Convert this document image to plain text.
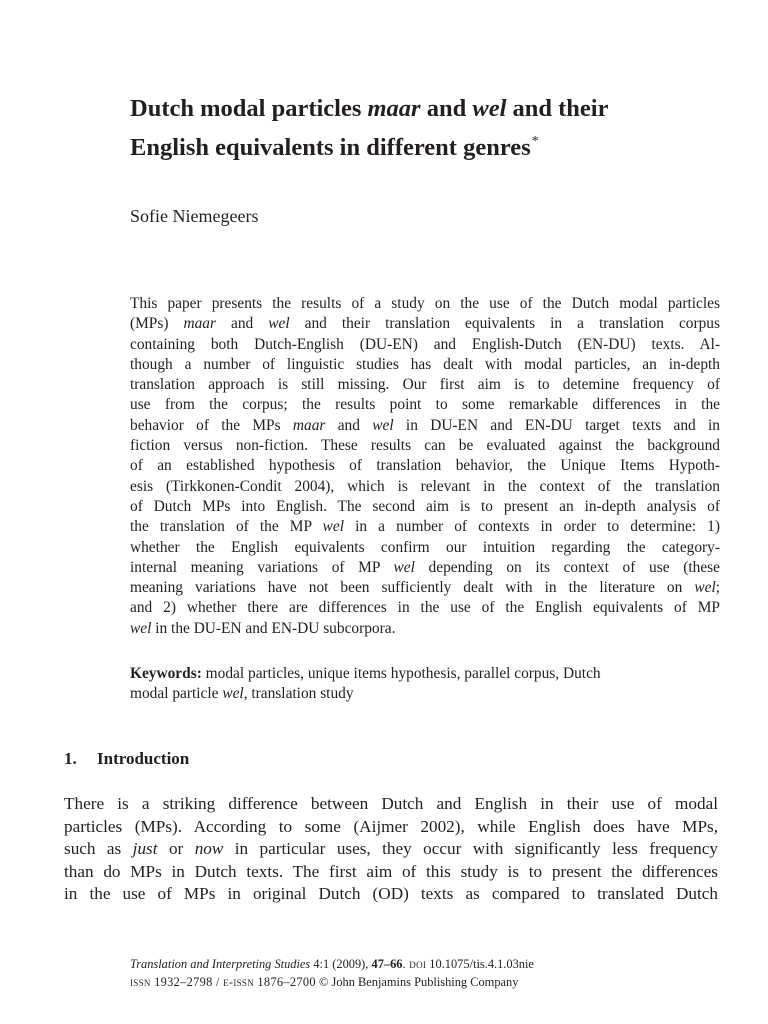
Dutch modal particles maar and wel and their
English equivalents in different genres*

Sofie Niemegeers

This paper presents the results of a study on the use of the Dutch modal particles
(MPs) maar and wel and their translation equivalents in a translation corpus
containing both Dutch-English (DU-EN) and English-Dutch (EN-DU) texts. Al-
though a number of linguistic studies has dealt with modal particles, an in-depth
translation approach is still missing. Our first aim is to detemine frequency of
use from the corpus; the results point to some remarkable differences in the
behavior of the MPs maar and wel in DU-EN and EN-DU target texts and in
fiction versus non-fiction. These results can be evaluated against the background
of an established hypothesis of translation behavior, the Unique Items Hypoth-
esis (Tirkkonen-Condit 2004), which is relevant in the context of the translation
of Dutch MPs into English. The second aim is to present an in-depth analysis of
the translation of the MP wel in a number of contexts in order to determine: 1)
whether the English equivalents confirm our intuition regarding the category-
internal meaning variations of MP wel depending on its context of use (these
meaning variations have not been sufficiently dealt with in the literature on wel;
and 2) whether there are differences in the use of the English equivalents of MP
wel in the DU-EN and EN-DU subcorpora.
Keywords: modal particles, unique items hypothesis, parallel corpus, Dutch
modal particle wel, translation study
1. Introduction
There is a striking difference between Dutch and English in their use of modal
particles (MPs). According to some (Aijmer 2002), while English does have MPs,
such as just or now in particular uses, they occur with significantly less frequency
than do MPs in Dutch texts. The first aim of this study is to present the differences
in the use of MPs in original Dutch (OD) texts as compared to translated Dutch
Translation and Interpreting Studies 4:1 (2009), 47–66. doi 10.1075/tis.4.1.03nie
issn 1932–2798 / e-issn 1876–2700 © John Benjamins Publishing Company
